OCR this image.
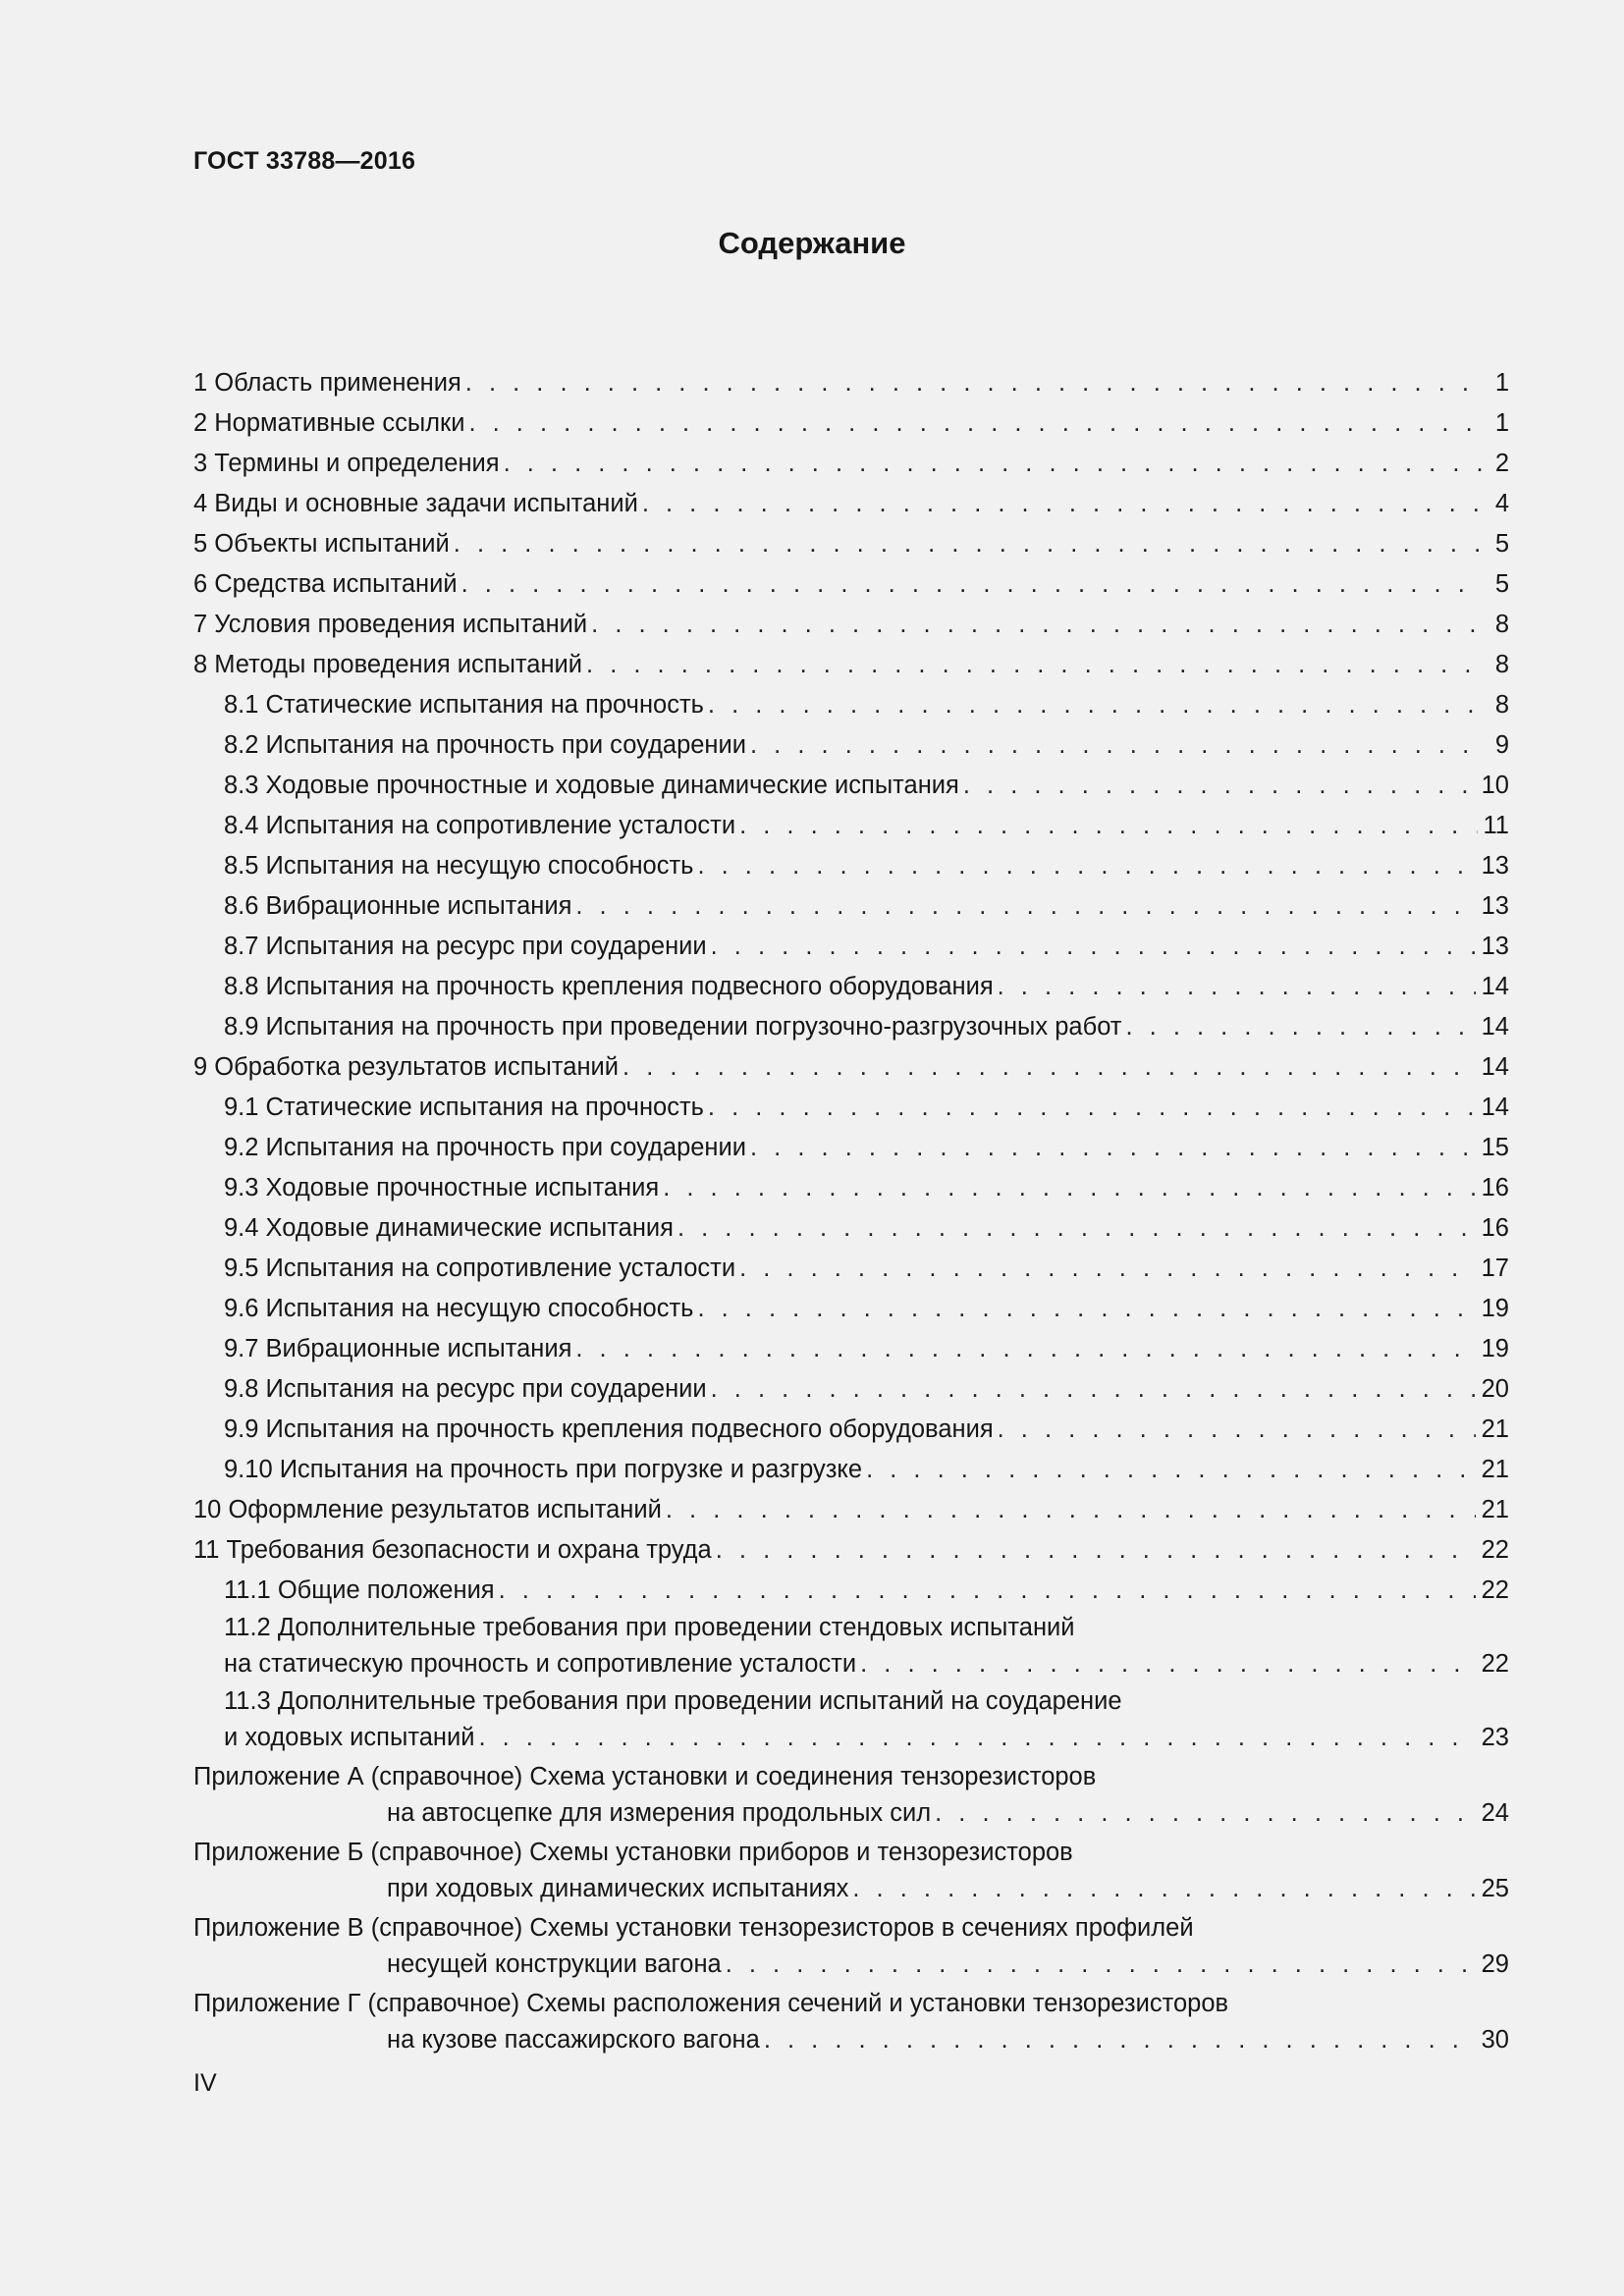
ГОСТ 33788—2016
Содержание
1 Область применения . . .	1
2 Нормативные ссылки . . .	1
3 Термины и определения . . .	2
4 Виды и основные задачи испытаний . . .	4
5 Объекты испытаний . . .	5
6 Средства испытаний . . .	5
7 Условия проведения испытаний . . .	8
8 Методы проведения испытаний . . .	8
8.1 Статические испытания на прочность . . .	8
8.2 Испытания на прочность при соударении . . .	9
8.3 Ходовые прочностные и ходовые динамические испытания . . .	10
8.4 Испытания на сопротивление усталости . . .	11
8.5 Испытания на несущую способность . . .	13
8.6 Вибрационные испытания . . .	13
8.7 Испытания на ресурс при соударении . . .	13
8.8 Испытания на прочность крепления подвесного оборудования . . .	14
8.9 Испытания на прочность при проведении погрузочно-разгрузочных работ . . .	14
9 Обработка результатов испытаний . . .	14
9.1 Статические испытания на прочность . . .	14
9.2 Испытания на прочность при соударении . . .	15
9.3 Ходовые прочностные испытания . . .	16
9.4 Ходовые динамические испытания . . .	16
9.5 Испытания на сопротивление усталости . . .	17
9.6 Испытания на несущую способность . . .	19
9.7 Вибрационные испытания . . .	19
9.8 Испытания на ресурс при соударении . . .	20
9.9 Испытания на прочность крепления подвесного оборудования . . .	21
9.10 Испытания на прочность при погрузке и разгрузке . . .	21
10 Оформление результатов испытаний . . .	21
11 Требования безопасности и охрана труда . . .	22
11.1 Общие положения . . .	22
11.2 Дополнительные требования при проведении стендовых испытаний
на статическую прочность и сопротивление усталости . . .	22
11.3 Дополнительные требования при проведении испытаний на соударение
и ходовых испытаний . . .	23
Приложение А (справочное) Схема установки и соединения тензорезисторов
на автосцепке для измерения продольных сил . . .	24
Приложение Б (справочное) Схемы установки приборов и тензорезисторов
при ходовых динамических испытаниях . . .	25
Приложение В (справочное) Схемы установки тензорезисторов в сечениях профилей
несущей конструкции вагона . . .	29
Приложение Г (справочное) Схемы расположения сечений и установки тензорезисторов
на кузове пассажирского вагона . . .	30
IV
